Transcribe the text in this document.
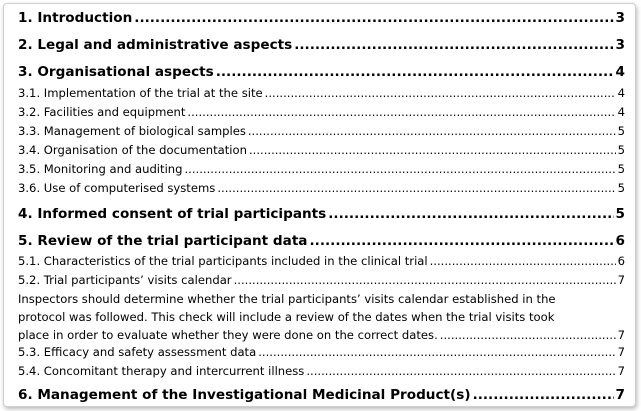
1. Introduction .....	3
2. Legal and administrative aspects .....	3
3. Organisational aspects .....	4
3.1. Implementation of the trial at the site .....	4
3.2. Facilities and equipment .....	4
3.3. Management of biological samples .....	5
3.4. Organisation of the documentation .....	5
3.5. Monitoring and auditing .....	5
3.6. Use of computerised systems .....	5
4. Informed consent of trial participants .....	5
5. Review of the trial participant data .....	6
5.1. Characteristics of the trial participants included in the clinical trial .....	6
5.2. Trial participants’ visits calendar .....	7
Inspectors should determine whether the trial participants’ visits calendar established in the
protocol was followed. This check will include a review of the dates when the trial visits took
place in order to evaluate whether they were done on the correct dates. .....	7
5.3. Efficacy and safety assessment data .....	7
5.4. Concomitant therapy and intercurrent illness .....	7
6. Management of the Investigational Medicinal Product(s) .....	7
